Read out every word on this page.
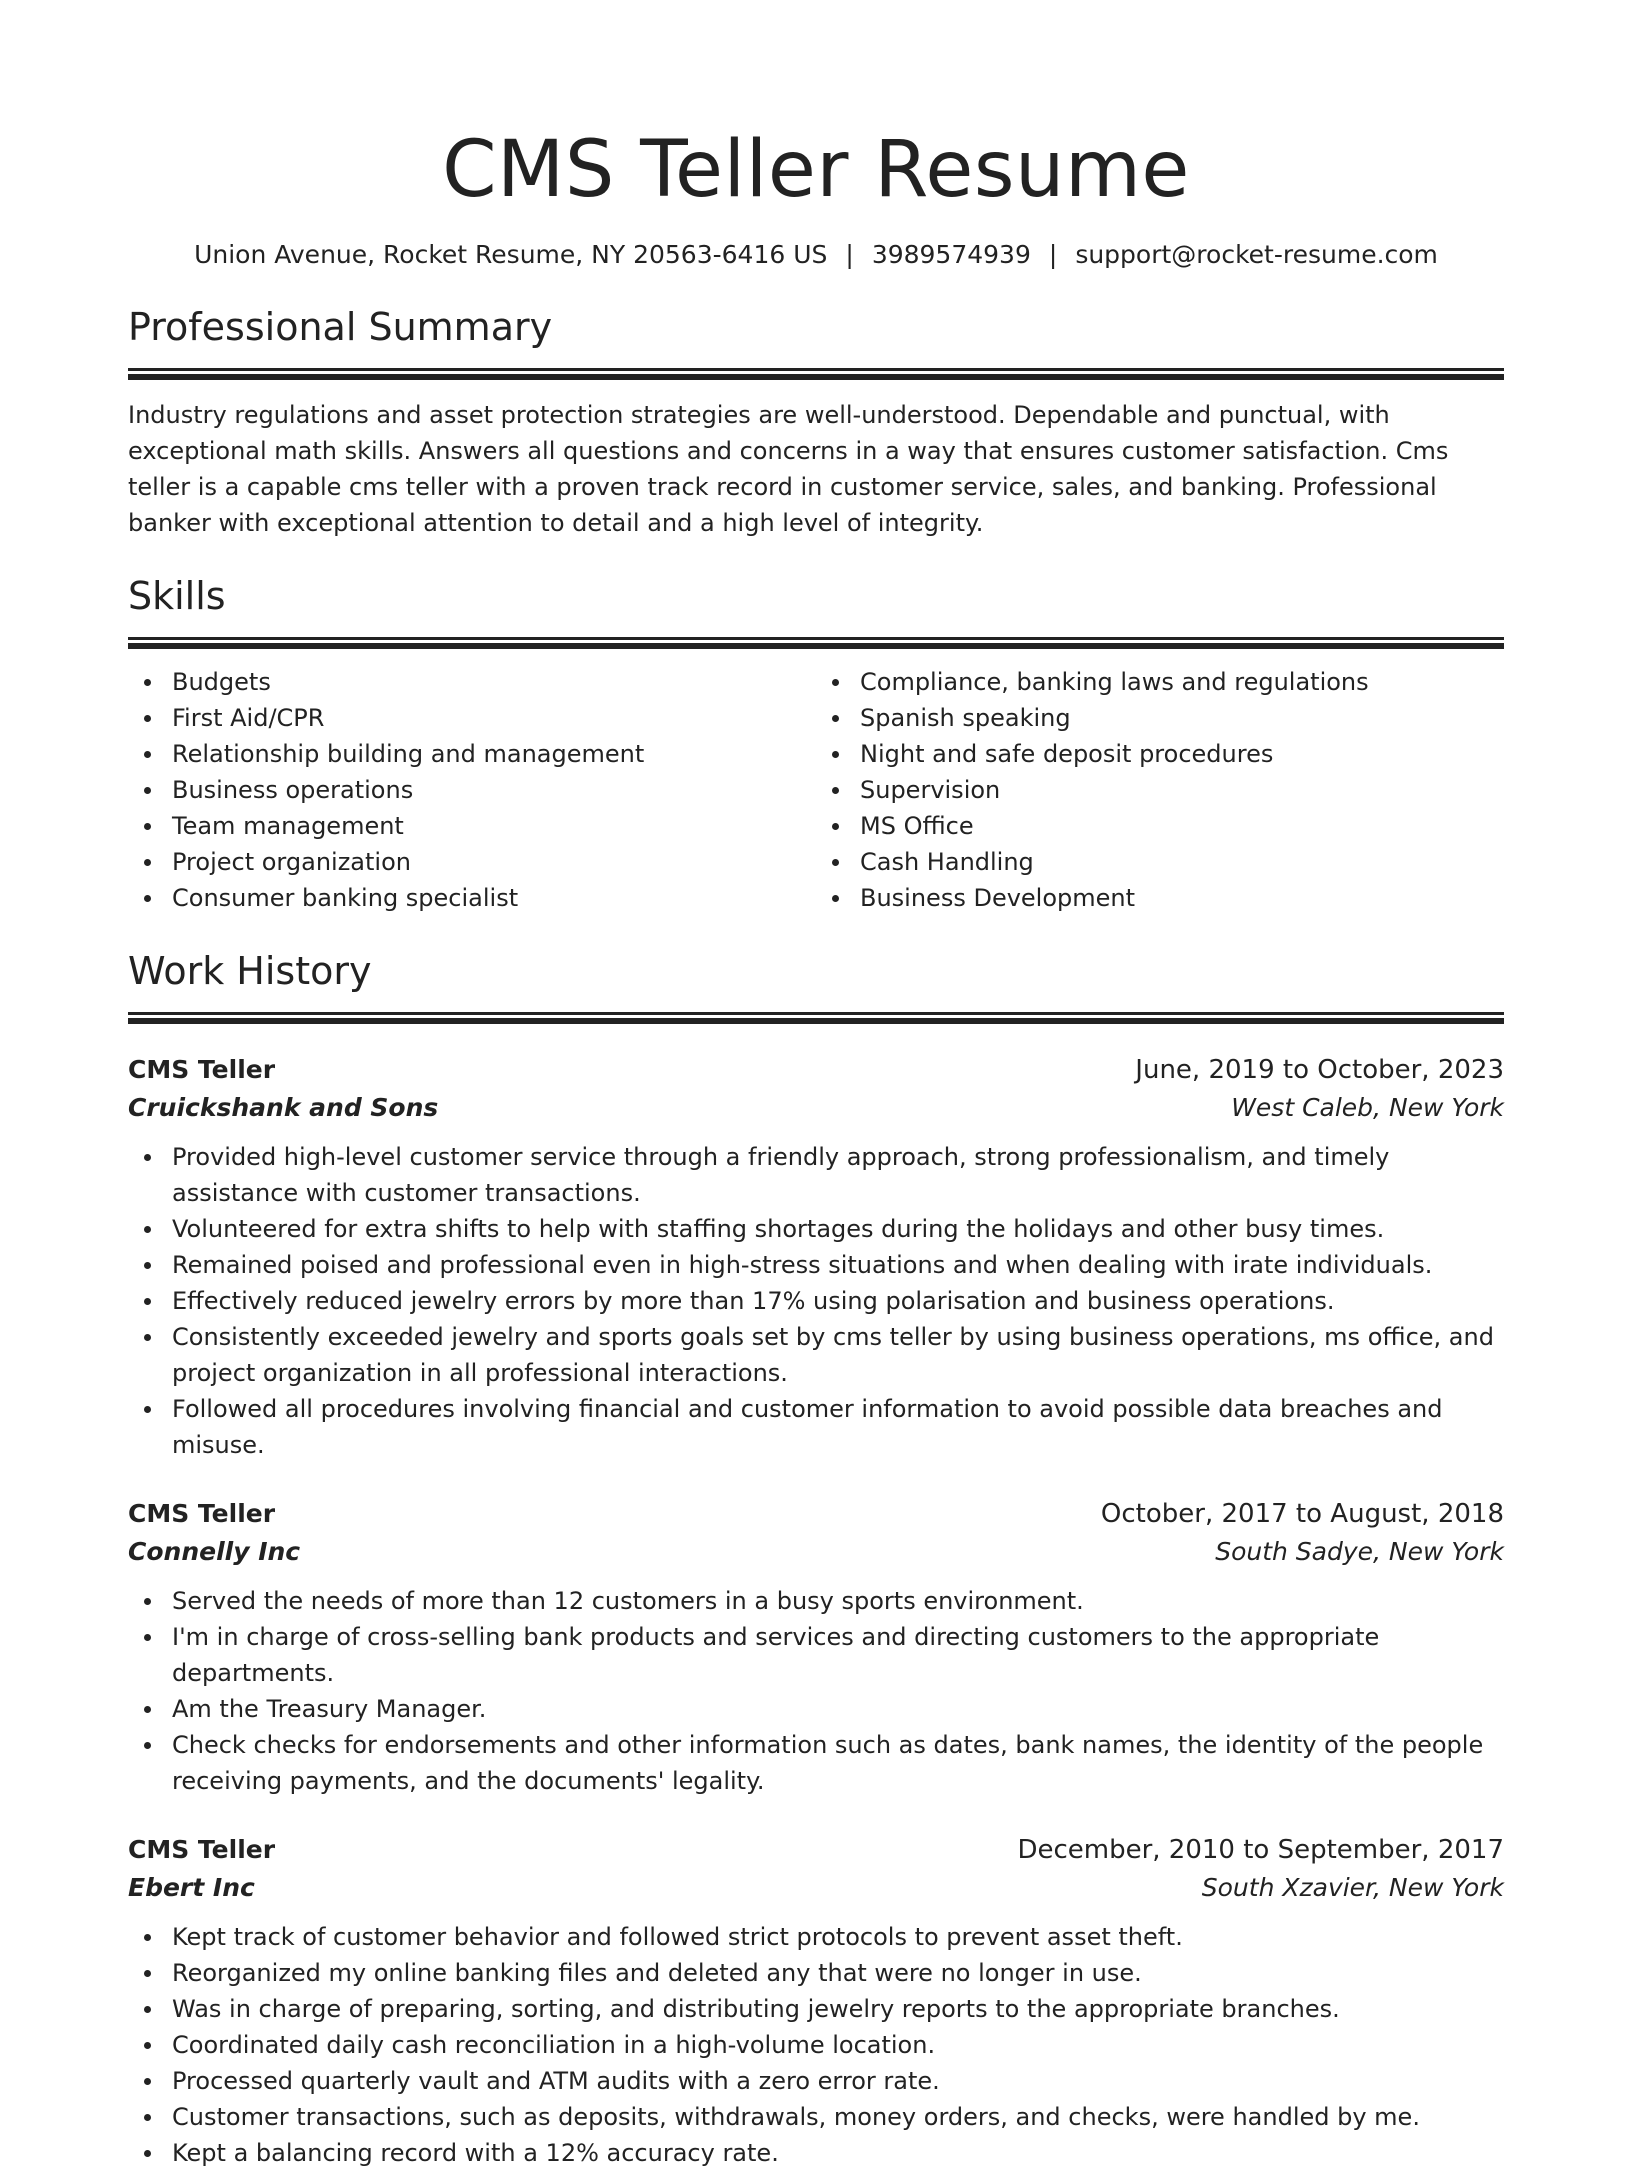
CMS Teller Resume
Union Avenue, Rocket Resume, NY 20563-6416 US | 3989574939 | support@rocket-resume.com
Professional Summary

Industry regulations and asset protection strategies are well-understood. Dependable and punctual, with exceptional math skills. Answers all questions and concerns in a way that ensures customer satisfaction. Cms teller is a capable cms teller with a proven track record in customer service, sales, and banking. Professional banker with exceptional attention to detail and a high level of integrity.

Skills
Budgets
First Aid/CPR
Relationship building and management
Business operations
Team management
Project organization
Consumer banking specialist
Compliance, banking laws and regulations
Spanish speaking
Night and safe deposit procedures
Supervision
MS Office
Cash Handling
Business Development
Work History
CMS Teller	June, 2019 to October, 2023
Cruickshank and Sons	West Caleb, New York
Provided high-level customer service through a friendly approach, strong professionalism, and timely assistance with customer transactions.
Volunteered for extra shifts to help with staffing shortages during the holidays and other busy times.
Remained poised and professional even in high-stress situations and when dealing with irate individuals.
Effectively reduced jewelry errors by more than 17% using polarisation and business operations.
Consistently exceeded jewelry and sports goals set by cms teller by using business operations, ms office, and project organization in all professional interactions.
Followed all procedures involving financial and customer information to avoid possible data breaches and misuse.
CMS Teller	October, 2017 to August, 2018
Connelly Inc	South Sadye, New York
Served the needs of more than 12 customers in a busy sports environment.
I'm in charge of cross-selling bank products and services and directing customers to the appropriate departments.
Am the Treasury Manager.
Check checks for endorsements and other information such as dates, bank names, the identity of the people receiving payments, and the documents' legality.
CMS Teller	December, 2010 to September, 2017
Ebert Inc	South Xzavier, New York
Kept track of customer behavior and followed strict protocols to prevent asset theft.
Reorganized my online banking files and deleted any that were no longer in use.
Was in charge of preparing, sorting, and distributing jewelry reports to the appropriate branches.
Coordinated daily cash reconciliation in a high-volume location.
Processed quarterly vault and ATM audits with a zero error rate.
Customer transactions, such as deposits, withdrawals, money orders, and checks, were handled by me.
Kept a balancing record with a 12% accuracy rate.
